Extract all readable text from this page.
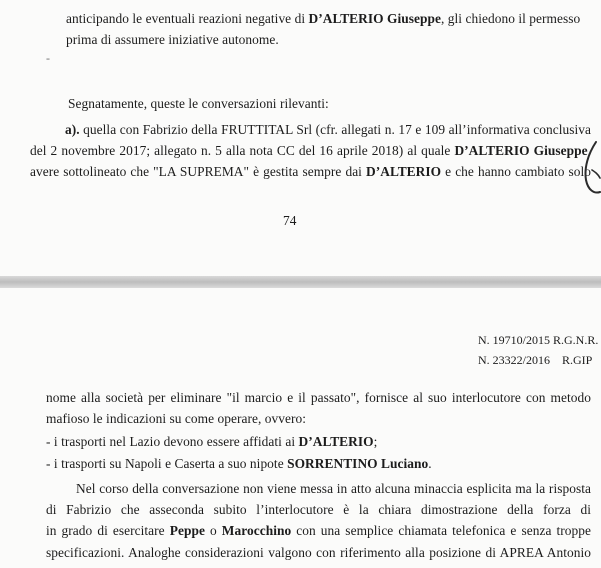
anticipando le eventuali reazioni negative di D’ALTERIO Giuseppe, gli chiedono il permesso
prima di assumere iniziative autonome.
-
Segnatamente, queste le conversazioni rilevanti:
a). quella con Fabrizio della FRUTTITAL Srl (cfr. allegati n. 17 e 109 all’informativa conclusiva
del 2 novembre 2017; allegato n. 5 alla nota CC del 16 aprile 2018) al quale D’ALTERIO Giuseppe,
avere sottolineato che "LA SUPREMA" è gestita sempre dai D’ALTERIO e che hanno cambiato solo
74
N. 19710/2015 R.G.N.R.
N. 23322/2016 R.GIP
nome alla società per eliminare "il marcio e il passato", fornisce al suo interlocutore con metodo
mafioso le indicazioni su come operare, ovvero:
- i trasporti nel Lazio devono essere affidati ai D’ALTERIO;
- i trasporti su Napoli e Caserta a suo nipote SORRENTINO Luciano.
Nel corso della conversazione non viene messa in atto alcuna minaccia esplicita ma la risposta
di Fabrizio che asseconda subito l’interlocutore è la chiara dimostrazione della forza di
in grado di esercitare Peppe o Marocchino con una semplice chiamata telefonica e senza troppe
specificazioni. Analoghe considerazioni valgono con riferimento alla posizione di APREA Antonio
